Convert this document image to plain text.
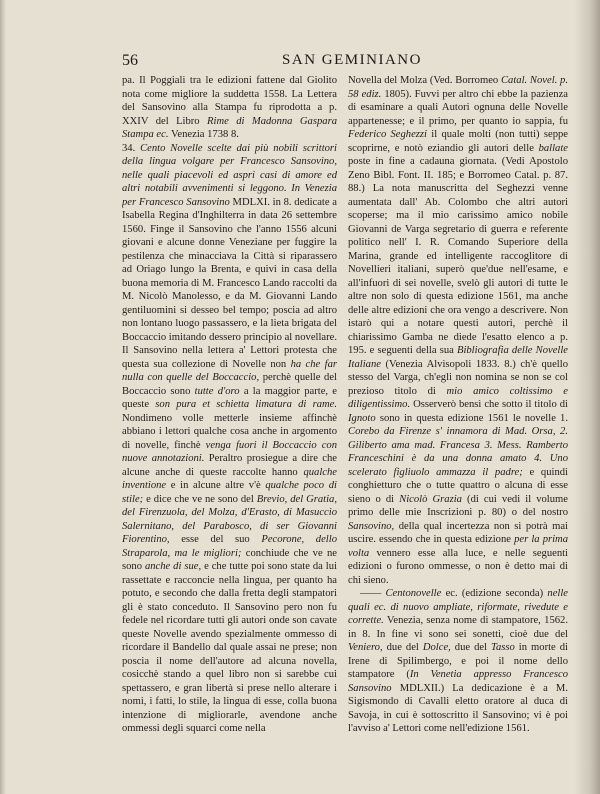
56	SAN GEMINIANO

pa. Il Poggiali tra le edizioni fattene dal Giolito nota come migliore la suddetta 1558. La Lettera del Sansovino alla Stampa fu riprodotta a p. XXIV del Libro Rime di Madonna Gaspara Stampa ec. Venezia 1738 8.

34. Cento Novelle scelte dai più nobili scrittori della lingua volgare per Francesco Sansovino, nelle quali piacevoli ed aspri casi di amore ed altri notabili avvenimenti si leggono. In Venezia per Francesco Sansovino MDLXI. in 8. dedicate a Isabella Regina d'Inghilterra in data 26 settembre 1560. Finge il Sansovino che l'anno 1556 alcuni giovani e alcune donne Veneziane per fuggire la pestilenza che minacciava la Città si riparassero ad Oriago lungo la Brenta, e quivi in casa della buona memoria di M. Francesco Lando raccolti da M. Nicolò Manolesso, e da M. Giovanni Lando gentiluomini si desseo bel tempo; poscia ad altro non lontano luogo passassero, e la lieta brigata del Boccaccio imitando dessero principio al novellare. Il Sansovino nella lettera a' Lettori protesta che questa sua collezione di Novelle non ha che far nulla con quelle del Boccaccio, perchè quelle del Boccaccio sono tutte d'oro a la maggior parte, e queste son pura et schietta limatura di rame. Nondimeno volle metterle insieme affinchè abbiano i lettori qualche cosa anche in argomento di novelle, finchè venga fuori il Boccaccio con nuove annotazioni. Peraltro prosiegue a dire che alcune anche di queste raccolte hanno qualche inventione e in alcune altre v'è qualche poco di stile; e dice che ve ne sono del Brevio, del Gratia, del Firenzuola, del Molza, d'Erasto, di Masuccio Salernitano, del Parabosco, di ser Giovanni Fiorentino, esse del suo Pecorone, dello Straparola, ma le migliori; conchiude che ve ne sono anche di sue, e che tutte poi sono state da lui rassettate e racconcie nella lingua, per quanto ha potuto, e secondo che dalla fretta degli stampatori gli è stato conceduto. Il Sansovino pero non fu fedele nel ricordare tutti gli autori onde son cavate queste Novelle avendo spezialmente ommesso di ricordare il Bandello dal quale assai ne prese; non poscia il nome dell'autore ad alcuna novella, cosicchè stando a quel libro non si sarebbe cui spettassero, e gran libertà si prese nello alterare i nomi, i fatti, lo stile, la lingua di esse, colla buona intenzione di migliorarle, avendone anche ommessi degli squarci come nella

Novella del Molza (Ved. Borromeo Catal. Novel. p. 58 ediz. 1805). Fuvvi per altro chi ebbe la pazienza di esaminare a quali Autori ognuna delle Novelle appartenesse; e il primo, per quanto io sappia, fu Federico Seghezzi il quale molti (non tutti) seppe scoprirne, e notò eziandio gli autori delle ballate poste in fine a cadauna giornata. (Vedi Apostolo Zeno Bibl. Font. II. 185; e Borromeo Catal. p. 87. 88.) La nota manuscritta del Seghezzi venne aumentata dall' Ab. Colombo che altri autori scoperse; ma il mio carissimo amico nobile Giovanni de Varga segretario di guerra e referente politico nell' I. R. Comando Superiore della Marina, grande ed intelligente raccoglitore di Novellieri italiani, superò que'due nell'esame, e all'infuori di sei novelle, svelò gli autori di tutte le altre non solo di questa edizione 1561, ma anche delle altre edizioni che ora vengo a descrivere. Non istarò qui a notare questi autori, perchè il chiarissimo Gamba ne diede l'esatto elenco a p. 195. e seguenti della sua Bibliografia delle Novelle Italiane (Venezia Alvisopoli 1833. 8.) ch'è quello stesso del Varga, ch'egli non nomina se non se col prezioso titolo di mio amico coltissimo e diligentissimo. Osserverò bensì che sotto il titolo di Ignoto sono in questa edizione 1561 le novelle 1. Corebo da Firenze s' innamora di Mad. Orsa, 2. Giliberto ama mad. Francesa 3. Mess. Ramberto Franceschini è da una donna amato 4. Uno scelerato figliuolo ammazza il padre; e quindi conghietturo che o tutte quattro o alcuna di esse sieno o di Nicolò Grazia (di cui vedi il volume primo delle mie Inscrizioni p. 80) o del nostro Sansovino, della qual incertezza non si potrà mai uscire. essendo che in questa edizione per la prima volta vennero esse alla luce, e nelle seguenti edizioni o furono ommesse, o non è detto mai di chi sieno.

—— Centonovelle ec. (edizione seconda) nelle quali ec. di nuovo ampliate, riformate, rivedute e corrette. Venezia, senza nome di stampatore, 1562. in 8. In fine vi sono sei sonetti, cioè due del Veniero, due del Dolce, due del Tasso in morte di Irene di Spilimbergo, e poi il nome dello stampatore (In Venetia appresso Francesco Sansovino MDLXII.) La dedicazione è a M. Sigismondo di Cavalli eletto oratore al duca di Savoja, in cui è sottoscritto il Sansovino; vi è poi l'avviso a' Lettori come nell'edizione 1561.
